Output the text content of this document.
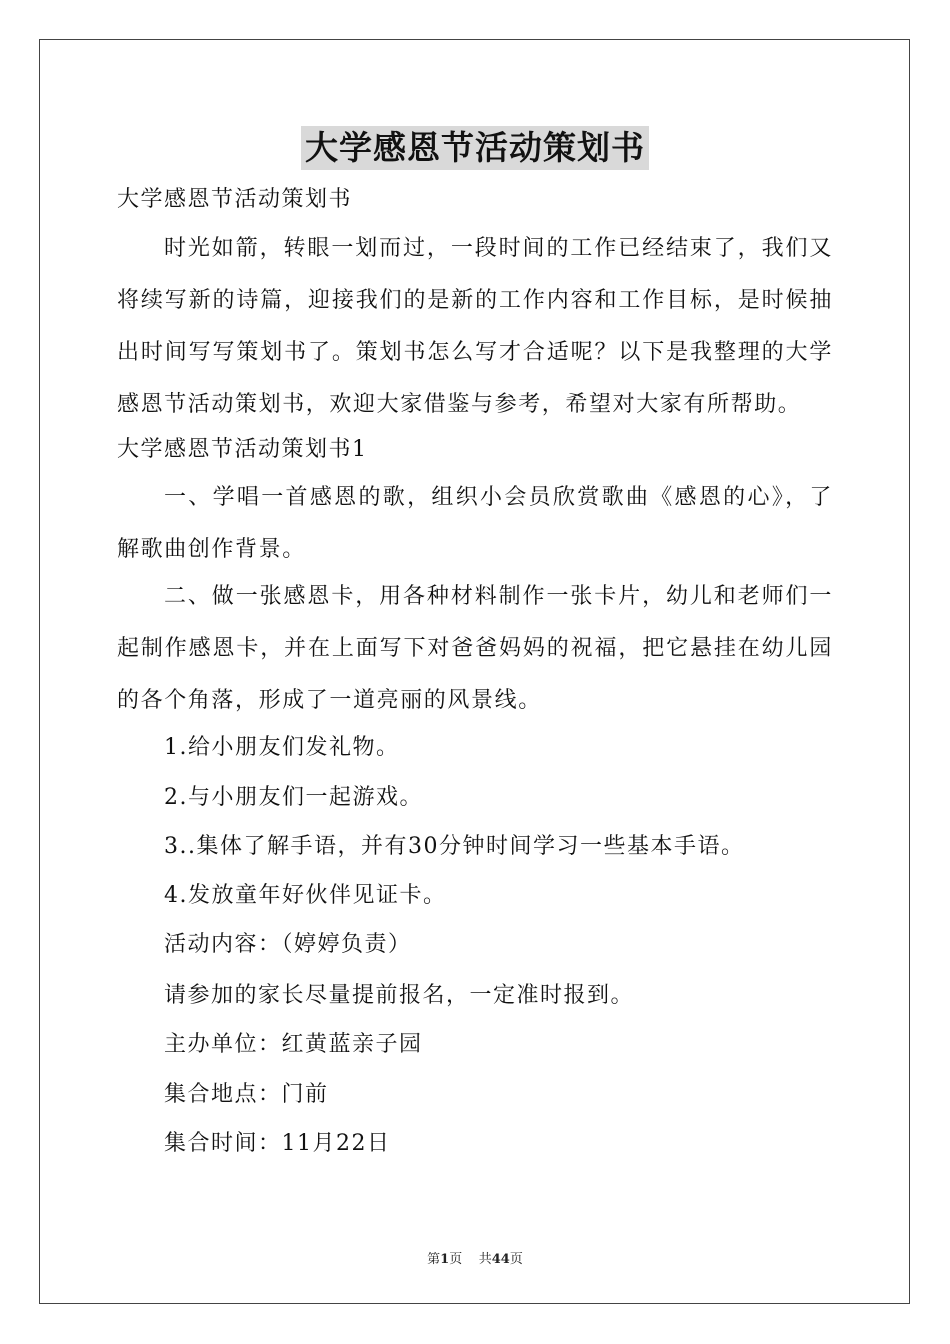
大学感恩节活动策划书
大学感恩节活动策划书

时光如箭，转眼一划而过，一段时间的工作已经结束了，我们又将续写新的诗篇，迎接我们的是新的工作内容和工作目标，是时候抽出时间写写策划书了。策划书怎么写才合适呢？以下是我整理的大学感恩节活动策划书，欢迎大家借鉴与参考，希望对大家有所帮助。

大学感恩节活动策划书1

一、学唱一首感恩的歌，组织小会员欣赏歌曲《感恩的心》，了解歌曲创作背景。

二、做一张感恩卡，用各种材料制作一张卡片，幼儿和老师们一起制作感恩卡，并在上面写下对爸爸妈妈的祝福，把它悬挂在幼儿园的各个角落，形成了一道亮丽的风景线。

1.给小朋友们发礼物。
2.与小朋友们一起游戏。
3..集体了解手语，并有30分钟时间学习一些基本手语。
4.发放童年好伙伴见证卡。
活动内容：（婷婷负责）
请参加的家长尽量提前报名，一定准时报到。
主办单位：红黄蓝亲子园
集合地点：门前
集合时间：11月22日
第1页 共44页
